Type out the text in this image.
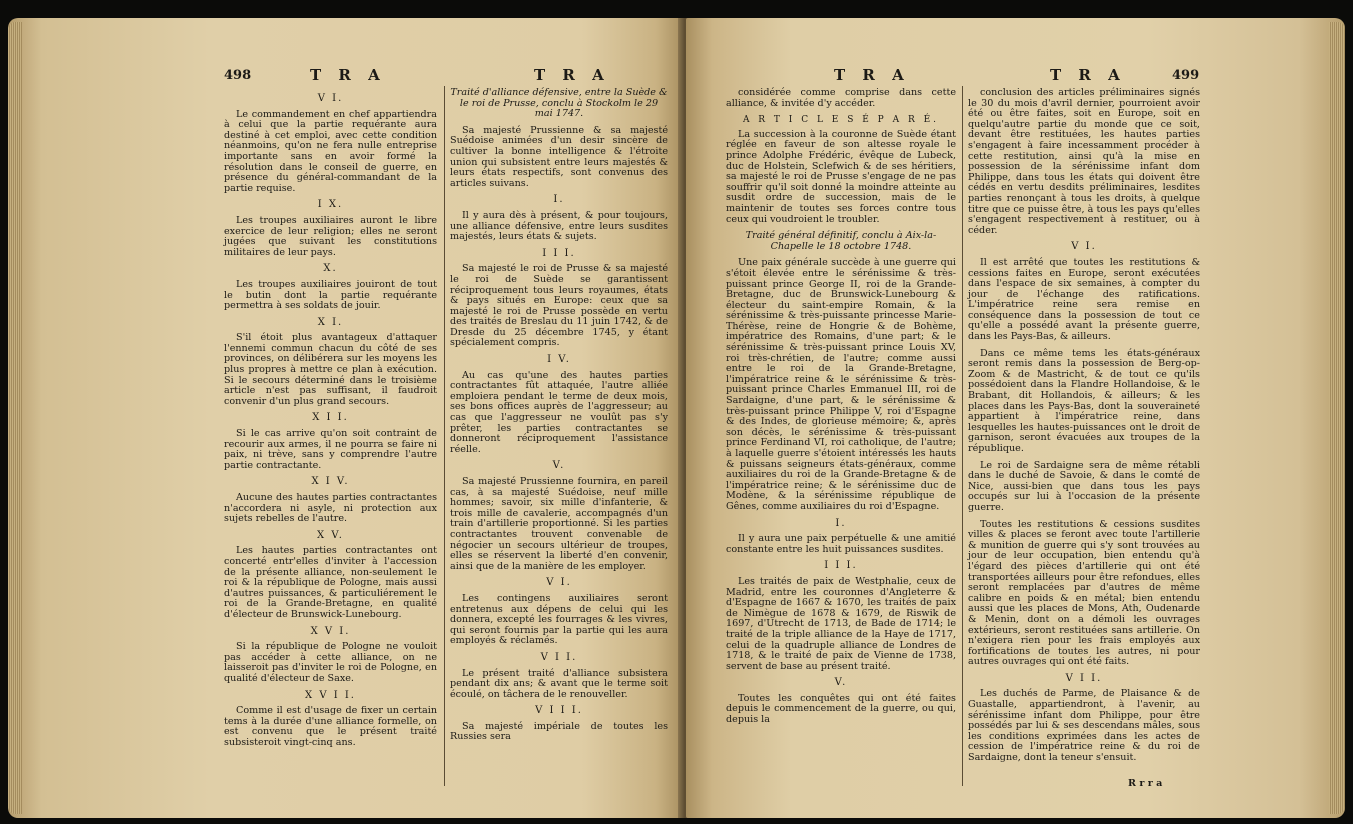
498	T R A	T R A
V I.

Le commandement en chef appartiendra à celui que la partie requérante aura destiné à cet emploi, avec cette condition néanmoins, qu'on ne fera nulle entreprise importante sans en avoir formé la résolution dans le conseil de guerre, en présence du général-commandant de la partie requise.

I X.

Les troupes auxiliaires auront le libre exercice de leur religion; elles ne seront jugées que suivant les constitutions militaires de leur pays.

X.

Les troupes auxiliaires jouiront de tout le butin dont la partie requérante permettra à ses soldats de jouir.

X I.

S'il étoit plus avantageux d'attaquer l'ennemi commun chacun du côté de ses provinces, on délibérera sur les moyens les plus propres à mettre ce plan à exécution. Si le secours déterminé dans le troisième article n'est pas suffisant, il faudroit convenir d'un plus grand secours.

X I I.

Si le cas arrive qu'on soit contraint de recourir aux armes, il ne pourra se faire ni paix, ni trève, sans y comprendre l'autre partie contractante.

X I V.

Aucune des hautes parties contractantes n'accordera ni asyle, ni protection aux sujets rebelles de l'autre.

X V.

Les hautes parties contractantes ont concerté entr'elles d'inviter à l'accession de la présente alliance, non-seulement le roi & la république de Pologne, mais aussi d'autres puissances, & particuliérement le roi de la Grande-Bretagne, en qualité d'électeur de Brunswick-Lunebourg.

X V I.

Si la république de Pologne ne vouloit pas accéder à cette alliance, on ne laisseroit pas d'inviter le roi de Pologne, en qualité d'électeur de Saxe.

X V I I.

Comme il est d'usage de fixer un certain tems à la durée d'une alliance formelle, on est convenu que le présent traité subsisteroit vingt-cinq ans.

Traité d'alliance défensive, entre la Suède & le roi de Prusse, conclu à Stockolm le 29 mai 1747.

Sa majesté Prussienne & sa majesté Suédoise animées d'un desir sincère de cultiver la bonne intelligence & l'étroite union qui subsistent entre leurs majestés & leurs états respectifs, sont convenus des articles suivans.

I.

Il y aura dès à présent, & pour toujours, une alliance défensive, entre leurs susdites majestés, leurs états & sujets.

I I I.

Sa majesté le roi de Prusse & sa majesté le roi de Suède se garantissent réciproquement tous leurs royaumes, états & pays situés en Europe: ceux que sa majesté le roi de Prusse possède en vertu des traités de Breslau du 11 juin 1742, & de Dresde du 25 décembre 1745, y étant spécialement compris.

I V.

Au cas qu'une des hautes parties contractantes fût attaquée, l'autre alliée emploiera pendant le terme de deux mois, ses bons offices auprès de l'aggresseur; au cas que l'aggresseur ne voulût pas s'y prêter, les parties contractantes se donneront réciproquement l'assistance réelle.

V.

Sa majesté Prussienne fournira, en pareil cas, à sa majesté Suédoise, neuf mille hommes; savoir, six mille d'infanterie, & trois mille de cavalerie, accompagnés d'un train d'artillerie proportionné. Si les parties contractantes trouvent convenable de négocier un secours ultérieur de troupes, elles se réservent la liberté d'en convenir, ainsi que de la manière de les employer.

V I.

Les contingens auxiliaires seront entretenus aux dépens de celui qui les donnera, excepté les fourrages & les vivres, qui seront fournis par la partie qui les aura employés & réclamés.

V I I.

Le présent traité d'alliance subsistera pendant dix ans; & avant que le terme soit écoulé, on tâchera de le renouveller.

V I I I.

Sa majesté impériale de toutes les Russies sera

T R A	T R A	499

considérée comme comprise dans cette alliance, & invitée d'y accéder.

A R T I C L E S É P A R É.

La succession à la couronne de Suède étant réglée en faveur de son altesse royale le prince Adolphe Frédéric, évêque de Lubeck, duc de Holstein, Sclefwich & de ses héritiers, sa majesté le roi de Prusse s'engage de ne pas souffrir qu'il soit donné la moindre atteinte au susdit ordre de succession, mais de le maintenir de toutes ses forces contre tous ceux qui voudroient le troubler.

Traité général définitif, conclu à Aix-la-Chapelle le 18 octobre 1748.

Une paix générale succède à une guerre qui s'étoit élevée entre le sérénissime & très-puissant prince George II, roi de la Grande-Bretagne, duc de Brunswick-Lunebourg & électeur du saint-empire Romain, & la sérénissime & très-puissante princesse Marie-Thérèse, reine de Hongrie & de Bohème, impératrice des Romains, d'une part; & le sérénissime & très-puissant prince Louis XV, roi très-chrétien, de l'autre; comme aussi entre le roi de la Grande-Bretagne, l'impératrice reine & le sérénissime & très-puissant prince Charles Emmanuel III, roi de Sardaigne, d'une part, & le sérénissime & très-puissant prince Philippe V, roi d'Espagne & des Indes, de glorieuse mémoire; &, après son décès, le sérénissime & très-puissant prince Ferdinand VI, roi catholique, de l'autre; à laquelle guerre s'étoient intéressés les hauts & puissans seigneurs états-généraux, comme auxiliaires du roi de la Grande-Bretagne & de l'impératrice reine; & le sérénissime duc de Modène, & la sérénissime république de Gênes, comme auxiliaires du roi d'Espagne.

I.

Il y aura une paix perpétuelle & une amitié constante entre les huit puissances susdites.

I I I.

Les traités de paix de Westphalie, ceux de Madrid, entre les couronnes d'Angleterre & d'Espagne de 1667 & 1670, les traités de paix de Nimègue de 1678 & 1679, de Riswik de 1697, d'Utrecht de 1713, de Bade de 1714; le traité de la triple alliance de la Haye de 1717, celui de la quadruple alliance de Londres de 1718, & le traité de paix de Vienne de 1738, servent de base au présent traité.

V.

Toutes les conquêtes qui ont été faites depuis le commencement de la guerre, ou qui, depuis la

conclusion des articles préliminaires signés le 30 du mois d'avril dernier, pourroient avoir été ou être faites, soit en Europe, soit en quelqu'autre partie du monde que ce soit, devant être restituées, les hautes parties s'engagent à faire incessamment procéder à cette restitution, ainsi qu'à la mise en possession de la sérénissime infant dom Philippe, dans tous les états qui doivent être cédés en vertu desdits préliminaires, lesdites parties renonçant à tous les droits, à quelque titre que ce puisse être, à tous les pays qu'elles s'engagent respectivement à restituer, ou à céder.

V I.

Il est arrêté que toutes les restitutions & cessions faites en Europe, seront exécutées dans l'espace de six semaines, à compter du jour de l'échange des ratifications. L'impératrice reine sera remise en conséquence dans la possession de tout ce qu'elle a possédé avant la présente guerre, dans les Pays-Bas, & ailleurs.

Dans ce même tems les états-généraux seront remis dans la possession de Berg-op-Zoom & de Mastricht, & de tout ce qu'ils possédoient dans la Flandre Hollandoise, & le Brabant, dit Hollandois, & ailleurs; & les places dans les Pays-Bas, dont la souveraineté appartient à l'impératrice reine, dans lesquelles les hautes-puissances ont le droit de garnison, seront évacuées aux troupes de la république.

Le roi de Sardaigne sera de même rétabli dans le duché de Savoie, & dans le comté de Nice, aussi-bien que dans tous les pays occupés sur lui à l'occasion de la présente guerre.

Toutes les restitutions & cessions susdites villes & places se feront avec toute l'artillerie & munition de guerre qui s'y sont trouvées au jour de leur occupation, bien entendu qu'à l'égard des pièces d'artillerie qui ont été transportées ailleurs pour être refondues, elles seront remplacées par d'autres de même calibre en poids & en métal; bien entendu aussi que les places de Mons, Ath, Oudenarde & Menin, dont on a démoli les ouvrages extérieurs, seront restituées sans artillerie. On n'exigera rien pour les frais employés aux fortifications de toutes les autres, ni pour autres ouvrages qui ont été faits.

V I I.

Les duchés de Parme, de Plaisance & de Guastalle, appartiendront, à l'avenir, au sérénissime infant dom Philippe, pour être possédés par lui & ses descendans mâles, sous les conditions exprimées dans les actes de cession de l'impératrice reine & du roi de Sardaigne, dont la teneur s'ensuit.

R r r a
